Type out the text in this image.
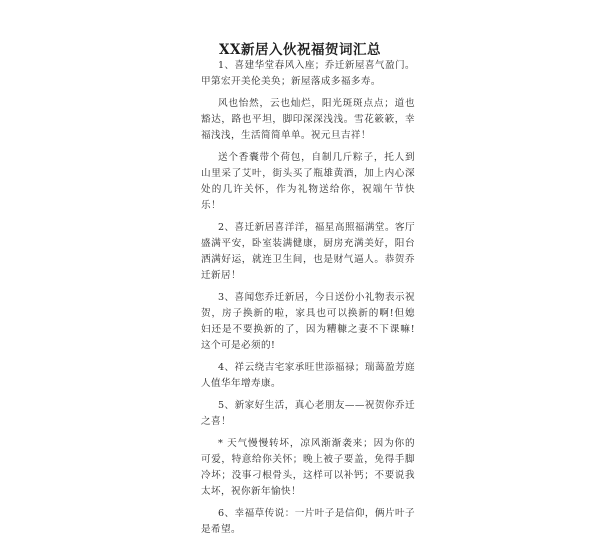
XX新居入伙祝福贺词汇总

1、喜建华堂春风入座；乔迁新屋喜气盈门。甲第宏开美伦美奂；新屋落成多福多寿。

风也怡然，云也灿烂，阳光斑斑点点；道也豁达，路也平坦，脚印深深浅浅。雪花簌簌，幸福浅浅，生活简简单单。祝元旦吉祥！

送个香囊带个荷包，自制几斤粽子，托人到山里采了艾叶，街头买了瓶雄黄酒，加上内心深处的几许关怀，作为礼物送给你，祝端午节快乐！

2、喜迁新居喜洋洋，福星高照福满堂。客厅盛满平安，卧室装满健康，厨房充满美好，阳台洒满好运，就连卫生间，也是财气逼人。恭贺乔迁新居！

3、喜闻您乔迁新居，今日送份小礼物表示祝贺，房子换新的啦，家具也可以换新的啊!但媳妇还是不要换新的了，因为糟糠之妻不下课嘛!这个可是必须的!

4、祥云绕吉宅家承旺世添福禄；瑞蔼盈芳庭人值华年增寿康。

5、新家好生活，真心老朋友——祝贺你乔迁之喜！

* 天气慢慢转坏，凉风渐渐袭来；因为你的可爱，特意给你关怀；晚上被子要盖，免得手脚冷坏；没事刁根骨头，这样可以补钙；不要说我太坏，祝你新年愉快！

6、幸福草传说：一片叶子是信仰，俩片叶子是希望。
